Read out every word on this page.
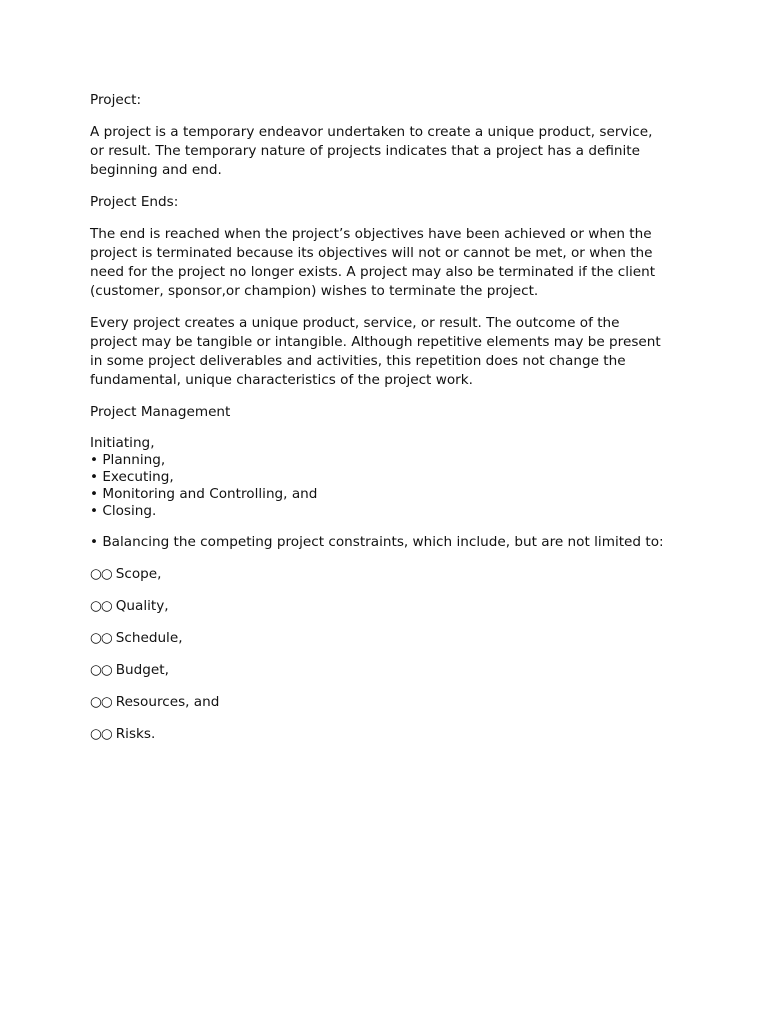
Project:

A project is a temporary endeavor undertaken to create a unique product, service,
or result. The temporary nature of projects indicates that a project has a definite
beginning and end.

Project Ends:

The end is reached when the project’s objectives have been achieved or when the
project is terminated because its objectives will not or cannot be met, or when the
need for the project no longer exists. A project may also be terminated if the client
(customer, sponsor,or champion) wishes to terminate the project.

Every project creates a unique product, service, or result. The outcome of the
project may be tangible or intangible. Although repetitive elements may be present
in some project deliverables and activities, this repetition does not change the
fundamental, unique characteristics of the project work.

Project Management

Initiating,
• Planning,
• Executing,
• Monitoring and Controlling, and
• Closing.

• Balancing the competing project constraints, which include, but are not limited to:

○○ Scope,
○○ Quality,
○○ Schedule,
○○ Budget,
○○ Resources, and
○○ Risks.
